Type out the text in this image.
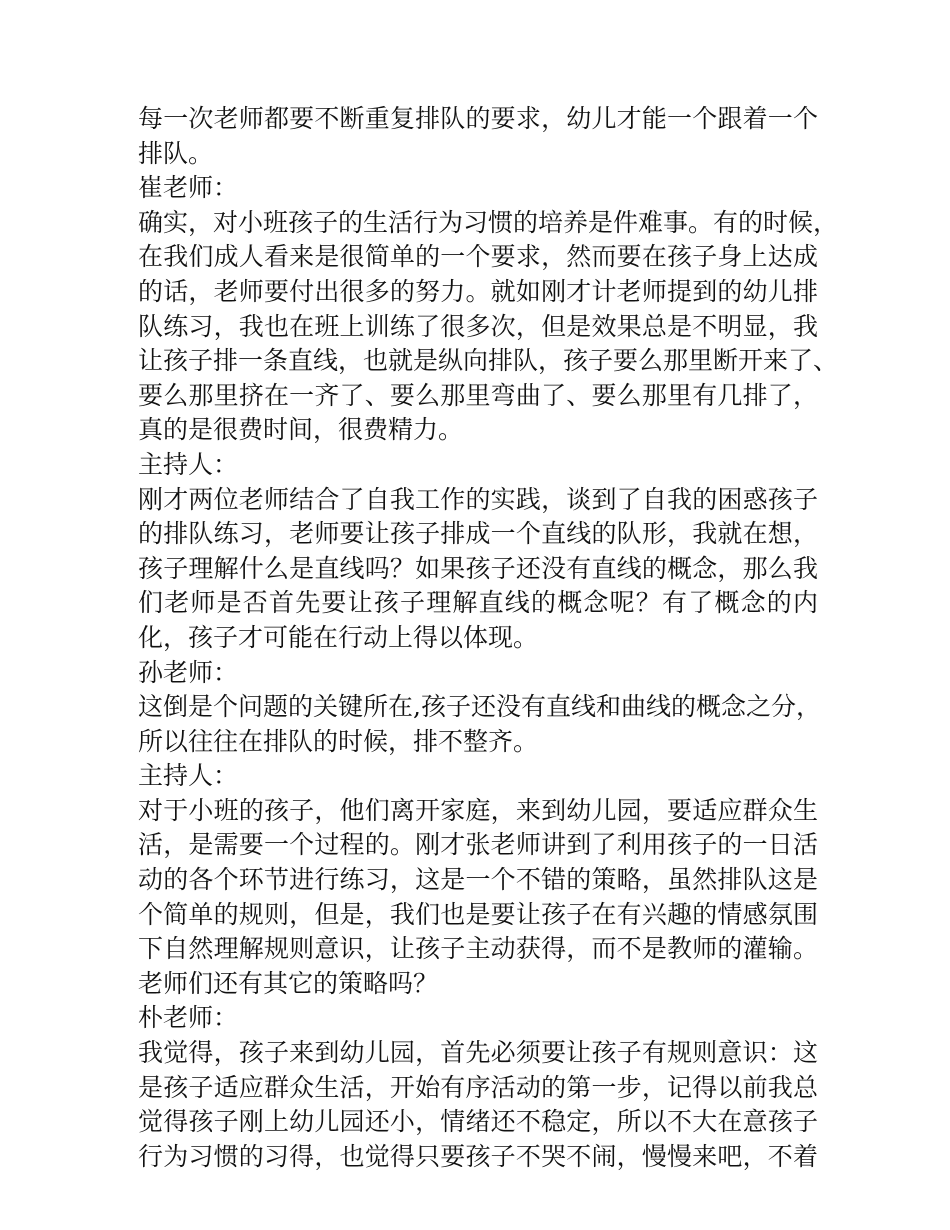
每一次老师都要不断重复排队的要求，幼儿才能一个跟着一个
排队。
崔老师：
确实，对小班孩子的生活行为习惯的培养是件难事。有的时候，
在我们成人看来是很简单的一个要求，然而要在孩子身上达成
的话，老师要付出很多的努力。就如刚才计老师提到的幼儿排
队练习，我也在班上训练了很多次，但是效果总是不明显，我
让孩子排一条直线，也就是纵向排队，孩子要么那里断开来了、
要么那里挤在一齐了、要么那里弯曲了、要么那里有几排了，
真的是很费时间，很费精力。
主持人：
刚才两位老师结合了自我工作的实践，谈到了自我的困惑孩子
的排队练习，老师要让孩子排成一个直线的队形，我就在想，
孩子理解什么是直线吗？如果孩子还没有直线的概念，那么我
们老师是否首先要让孩子理解直线的概念呢？有了概念的内
化，孩子才可能在行动上得以体现。
孙老师：
这倒是个问题的关键所在,孩子还没有直线和曲线的概念之分，
所以往往在排队的时候，排不整齐。
主持人：
对于小班的孩子，他们离开家庭，来到幼儿园，要适应群众生
活，是需要一个过程的。刚才张老师讲到了利用孩子的一日活
动的各个环节进行练习，这是一个不错的策略，虽然排队这是
个简单的规则，但是，我们也是要让孩子在有兴趣的情感氛围
下自然理解规则意识，让孩子主动获得，而不是教师的灌输。
老师们还有其它的策略吗？
朴老师：
我觉得，孩子来到幼儿园，首先必须要让孩子有规则意识：这
是孩子适应群众生活，开始有序活动的第一步，记得以前我总
觉得孩子刚上幼儿园还小，情绪还不稳定，所以不大在意孩子
行为习惯的习得，也觉得只要孩子不哭不闹，慢慢来吧，不着
